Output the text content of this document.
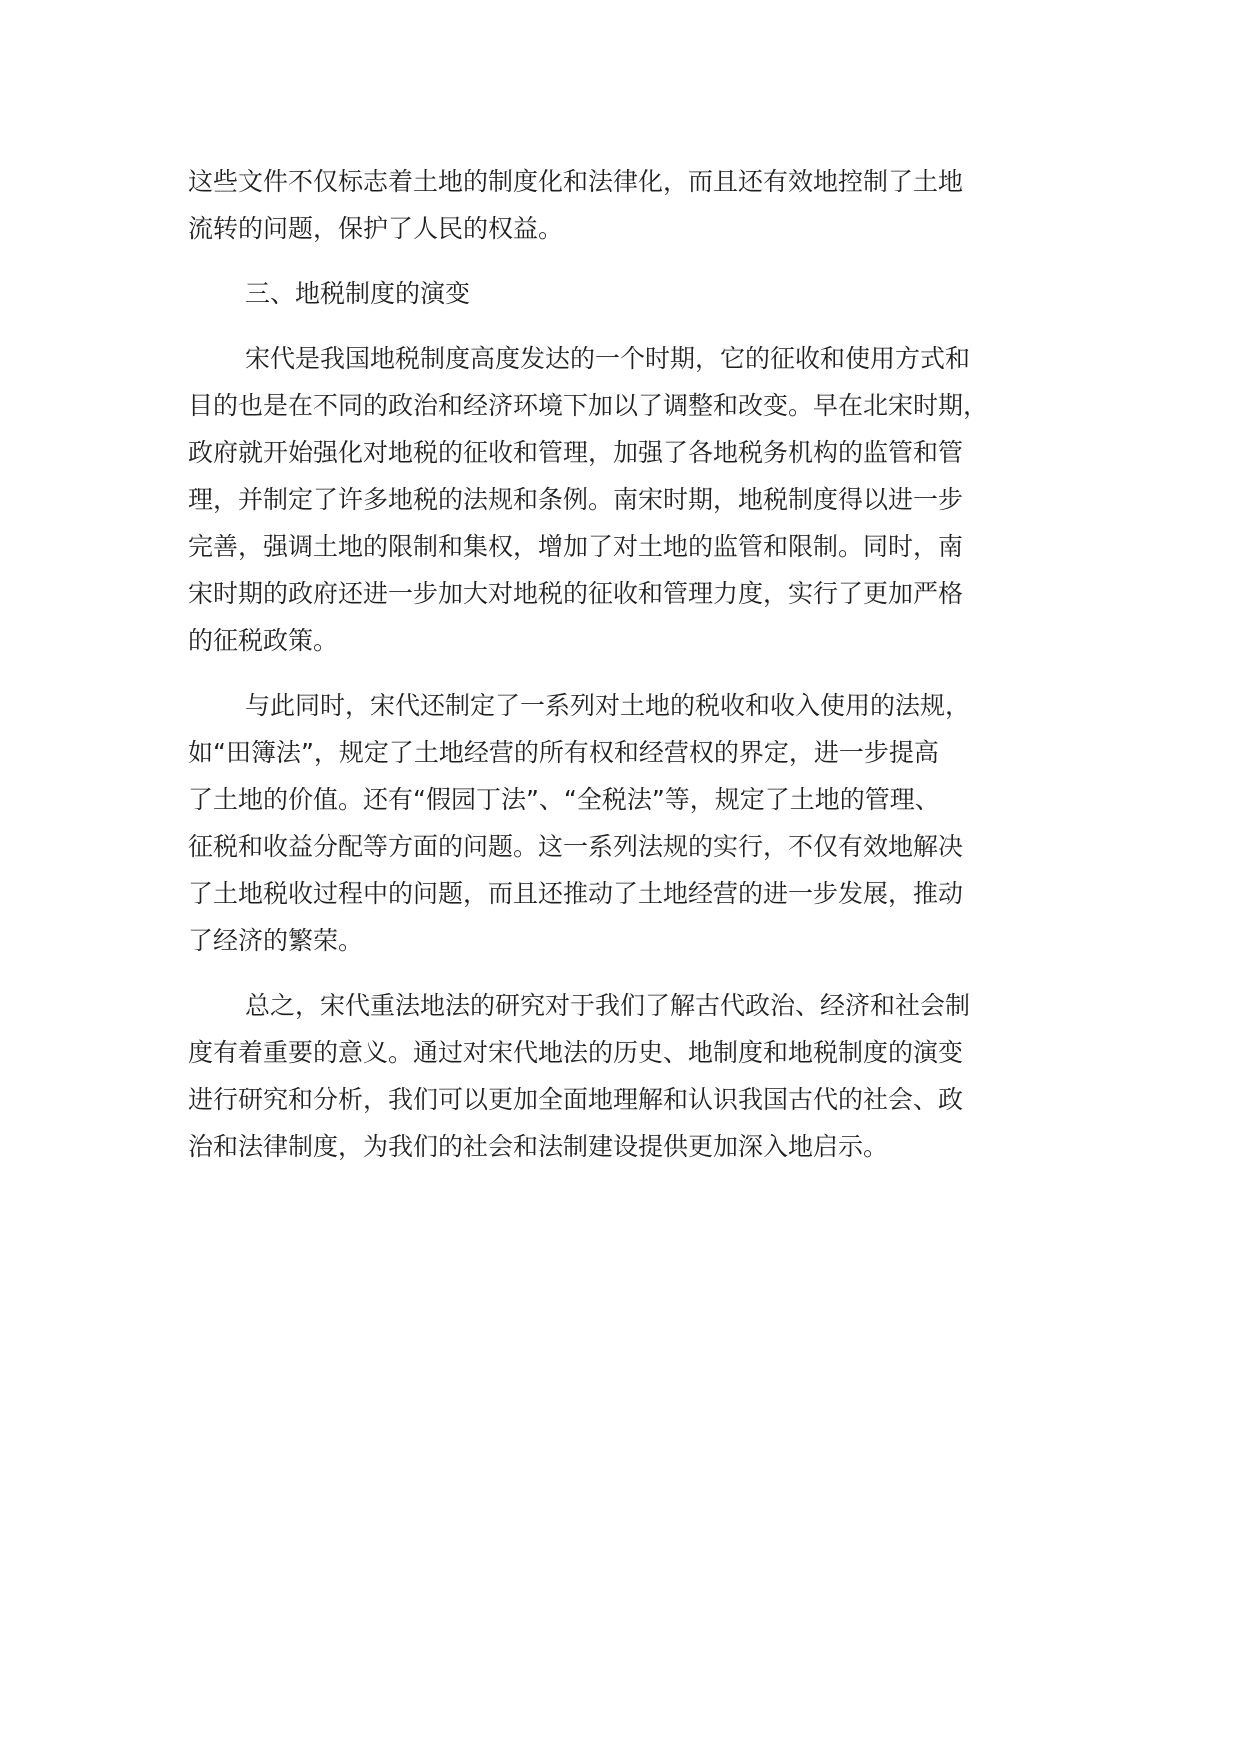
这些文件不仅标志着土地的制度化和法律化，而且还有效地控制了土地
流转的问题，保护了人民的权益。
三、地税制度的演变
宋代是我国地税制度高度发达的一个时期，它的征收和使用方式和
目的也是在不同的政治和经济环境下加以了调整和改变。早在北宋时期，
政府就开始强化对地税的征收和管理，加强了各地税务机构的监管和管
理，并制定了许多地税的法规和条例。南宋时期，地税制度得以进一步
完善，强调土地的限制和集权，增加了对土地的监管和限制。同时，南
宋时期的政府还进一步加大对地税的征收和管理力度，实行了更加严格
的征税政策。
与此同时，宋代还制定了一系列对土地的税收和收入使用的法规，
如“田簿法”，规定了土地经营的所有权和经营权的界定，进一步提高
了土地的价值。还有“假园丁法”、“全税法”等，规定了土地的管理、
征税和收益分配等方面的问题。这一系列法规的实行，不仅有效地解决
了土地税收过程中的问题，而且还推动了土地经营的进一步发展，推动
了经济的繁荣。
总之，宋代重法地法的研究对于我们了解古代政治、经济和社会制
度有着重要的意义。通过对宋代地法的历史、地制度和地税制度的演变
进行研究和分析，我们可以更加全面地理解和认识我国古代的社会、政
治和法律制度，为我们的社会和法制建设提供更加深入地启示。
